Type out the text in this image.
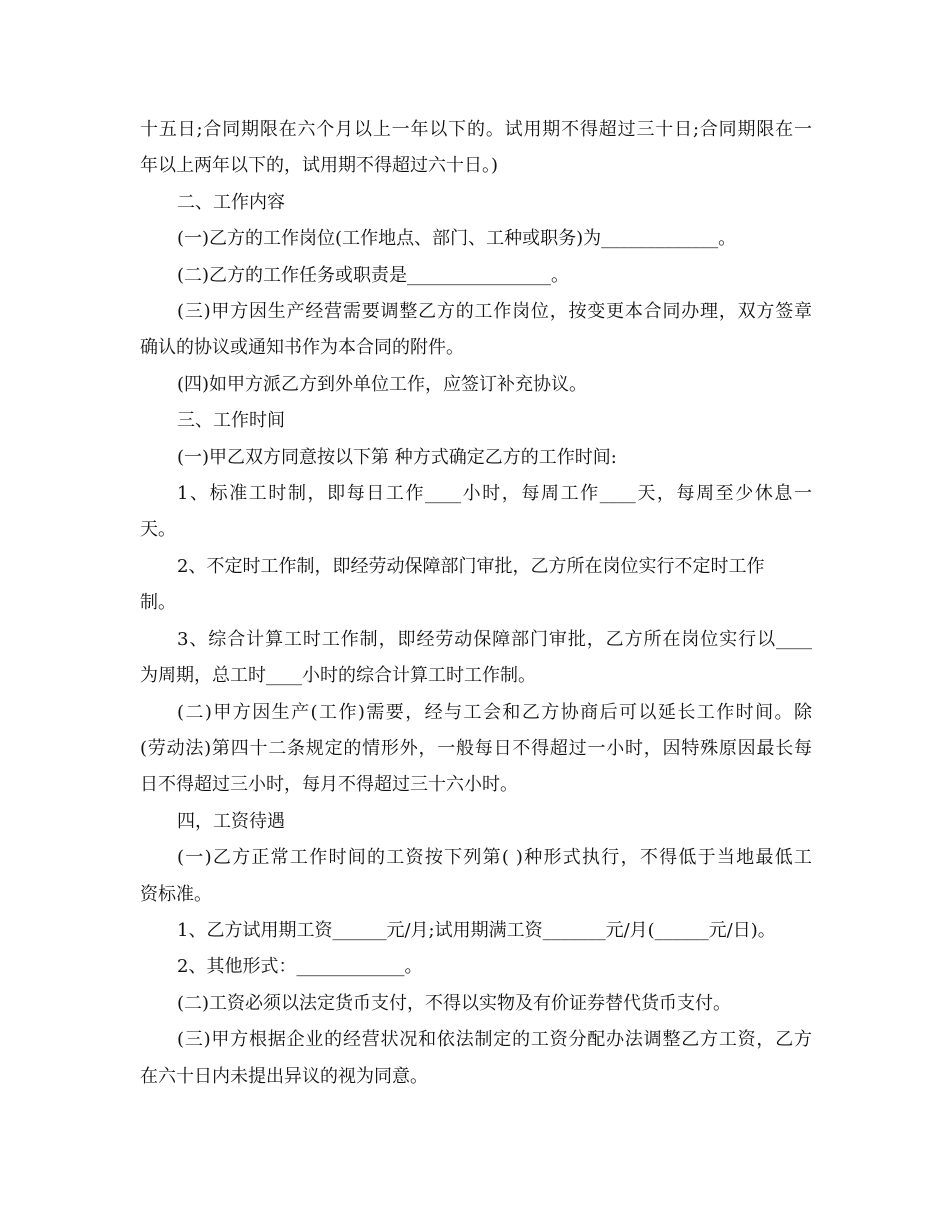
十五日;合同期限在六个月以上一年以下的。试用期不得超过三十日;合同期限在一
年以上两年以下的，试用期不得超过六十日。)
二、工作内容
(一)乙方的工作岗位(工作地点、部门、工种或职务)为_____________。
(二)乙方的工作任务或职责是________________。
(三)甲方因生产经营需要调整乙方的工作岗位，按变更本合同办理，双方签章
确认的协议或通知书作为本合同的附件。
(四)如甲方派乙方到外单位工作，应签订补充协议。
三、工作时间
(一)甲乙双方同意按以下第 种方式确定乙方的工作时间:
1、标准工时制，即每日工作____小时，每周工作____天，每周至少休息一
天。
2、不定时工作制，即经劳动保障部门审批，乙方所在岗位实行不定时工作
制。
3、综合计算工时工作制，即经劳动保障部门审批，乙方所在岗位实行以____
为周期，总工时____小时的综合计算工时工作制。
(二)甲方因生产(工作)需要，经与工会和乙方协商后可以延长工作时间。除
(劳动法)第四十二条规定的情形外，一般每日不得超过一小时，因特殊原因最长每
日不得超过三小时，每月不得超过三十六小时。
四，工资待遇
(一)乙方正常工作时间的工资按下列第( )种形式执行，不得低于当地最低工
资标准。
1、乙方试用期工资______元/月;试用期满工资_______元/月(______元/日)。
2、其他形式：____________。
(二)工资必须以法定货币支付，不得以实物及有价证券替代货币支付。
(三)甲方根据企业的经营状况和依法制定的工资分配办法调整乙方工资，乙方
在六十日内未提出异议的视为同意。
